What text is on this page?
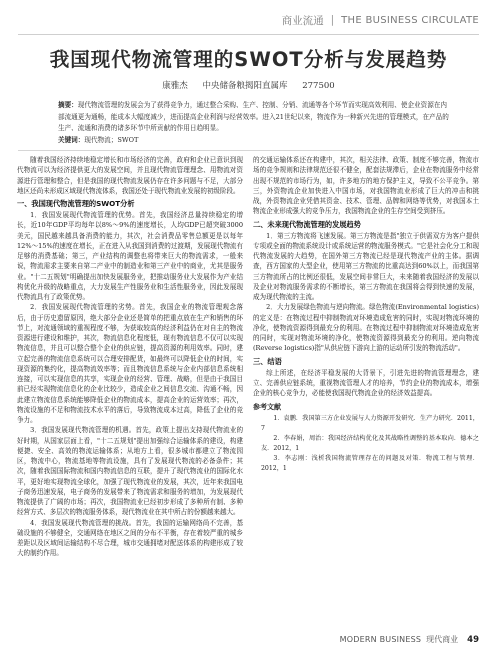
商业流通 | THE BUSINESS CIRCULATE
我国现代物流管理的SWOT分析与发展趋势
康雅杰 中央储备粮揭阳直属库 277500
摘要：现代物流管理的发展会为了获得竞争力，通过整合采购、生产、控制、分销、流通等各个环节而实现高效利用、使企业资源在内部流通更为通畅，能成本大幅度减少，进而提高企业利润与经营效率。进入21世纪以来，物流作为一种新兴先进的管理模式，在产品的生产、流通和消费的诸多环节中所贡献的作用日趋明显。
关键词：现代物流；SWOT

随着我国经济持续地稳定增长和市场经济的完善，政府和企业已意识到现代物流可以为经济提供更大的发展空间，并且现代物流管理理念、用物流对资源进行管理和整合，但是我国的现代物流发展仍存在许多问题与不足，大部分地区还尚未形成区域现代物流体系，我国还处于现代物流业发展的初级阶段。

一、我国现代物流管理的SWOT分析

1．我国发展现代物流管理的优势。首先，我国经济总量持续稳定的增长，近10年GDP平均每年以8%～9%的速度增长，人均GDP已超突破3000美元，国民越来越具备消费的能力，其次，社会消费品零售总额更是以每年12%～15%的速度在增长，正在进入从我国到消费的过渡期，发展现代物流有足够的消费基础；第三，产业结构的调整也将带来巨大的物流需求，一般来说，物流需求主要来自第二产业中的制造业和第三产业中的商业，尤其是服务业。"十二五规划"明确提出加快发展服务业，把推动服务业大发展作为产业结构优化升级的战略重点，大力发展生产性服务业和生活性服务业，因此发展现代物流具有了政策优势。

2．我国发展现代物流管理的劣势。首先，我国企业的物流管理观念落后，由于历史遗留原因，绝大部分企业还是简单的把重点放在生产和销售的环节上，对流通领域的重视程度不够，为获取较高的经济利益仍在对自主的物流资源进行建设和维护，其次，物流信息化程度低，现有物流信息不仅可以实现物流信息，并且可以整合整个企业的供应链，提高资源的利用效率。同时，建立起完善的物流信息系统可以合理安排配货，如最终可以降低企业的时间，实现资源的集约化，提高物流效率等；而且物流信息系统与企业内部信息系统相连接，可以实现信息的共享，实现企业的经营、管理、战略，但是由于我国目前已经实现物流信息化的企业比较少，造成企业之间信息交流、沟通不畅，因此建立物流信息系统能够降低企业的物流成本，提高企业的运营效率；再次，物流设施的不足和物流技术水平的落后，导致物流成本过高，降低了企业的竞争力。

3．我国发展现代物流管理的机遇。首先，政策上提出支持现代物流业的好时期，从国家层面上看，"十二五规划"提出加强综合运输体系的建设，构建便捷、安全、高效的物流运输体系；从地方上看，很多城市都建立了物流园区，物流中心，物流基地等物流设施，具有了发展现代物流的必备条件；其次，随着我国国际物流和国内物流信息的互联，提升了现代物流业的国际化水平，更好地实现物流全球化，加强了现代物流业的发展，其次，近年来我国电子商务迅速发展，电子商务的发展带来了物流需求和服务的增加，为发展现代物流提供了广阔的市场；再次，我国物流业已经初步形成了多种所有制、多种经营方式、多层次的物流服务体系，现代物流业在其中所占的份额越来越大。

4．我国发展现代物流管理的挑战。首先，我国的运输网络尚不完善，基础设施的不够健全，交通网络在地区之间的分布不平衡，存在着较严重的城乡差距以及区域间运输结构不尽合理，城市交通拥堵对配送体系的构建形成了较大的制约作用。

的交通运输体系还在构建中，其次，相关法律、政策、制度不够完善，物流市场的竞争规则和法律规范还很不健全，配套法规滞后，企业在物流服务中经常出现不规范的市场行为，如，许多地方的地方保护主义，导致不公平竞争。第三，外资物流企业加快进入中国市场，对我国物流业形成了巨大的冲击和挑战，外资物流企业凭借其资金、技术、管理、品牌和网络等优势，对我国本土物流企业形成强大的竞争压力，我国物流企业的生存空间受到挤压。

二、未来现代物流管理的发展趋势

1．第三方物流将飞速发展。第三方物流是指"独立于供需双方为客户提供专项或全面的物流系统设计或系统运营的物流服务模式。"它是社会化分工和现代物流发展的大趋势，在国外第三方物流已经是现代物流产业的主体。据调查，西方国家的大型企业，使用第三方物流的比重高达到60%以上，而我国第三方物流所占的比例还很低，发展空间非常巨大，未来随着我国经济的发展以及企业对物流服务需求的不断增长，第三方物流在我国将会得到快速的发展，成为现代物流的主流。

2．大力发展绿色物流与逆向物流。绿色物流(Environmental logistics)的定义是：在物流过程中抑制物流对环境造成危害的同时，实现对物流环境的净化，使物流资源得到最充分的利用。在物流过程中抑制物流对环境造成危害的同时，实现对物流环境的净化，使物流资源得到最充分的利用。逆向物流(Reverse logistics)指"从供应链下游向上游的运动所引发的物流活动"。

三、结语

综上所述，在经济平稳发展的大背景下，引进先进的物流管理理念，建立、完善供应链系统，重视物流管理人才的培养，节约企业的物流成本，增强企业的核心竞争力，必能使我国现代物流企业的经济效益提高。

参考文献

1．袁鹏．我国第三方企业发展与人力资源开发研究．生产力研究．2011，7

2．李春娟，周治：我国经济结构优化及其战略性调整的基本取向．德本之友．2012，1

3．李志刚：浅析我国物流管理存在的问题及对策．物流工程与管理．2012，1

MODERN BUSINESS 现代商业 49
